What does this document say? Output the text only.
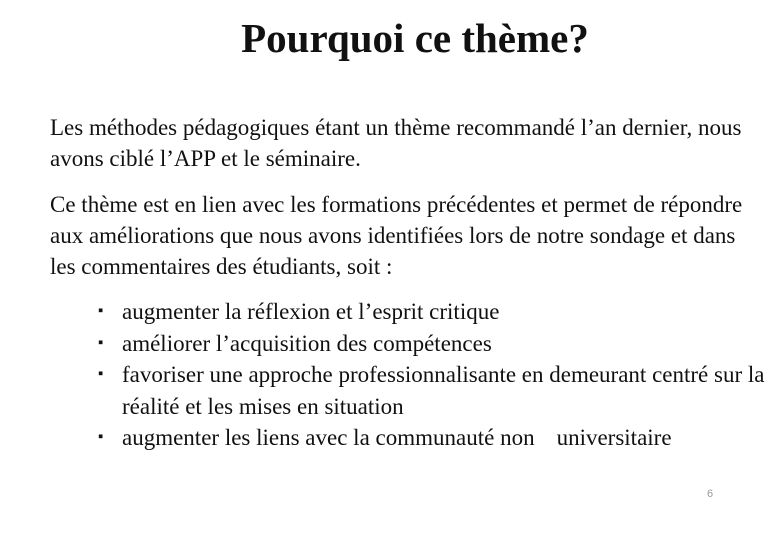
Pourquoi ce thème?

Les méthodes pédagogiques étant un thème recommandé l’an dernier, nous avons ciblé l’APP et le séminaire.

Ce thème est en lien avec les formations précédentes et permet de répondre aux améliorations que nous avons identifiées lors de notre sondage et dans les commentaires des étudiants, soit :

▪ augmenter la réflexion et l’esprit critique
▪ améliorer l’acquisition des compétences
▪ favoriser une approche professionnalisante en demeurant centré sur la réalité et les mises en situation
▪ augmenter les liens avec la communauté non universitaire
6
